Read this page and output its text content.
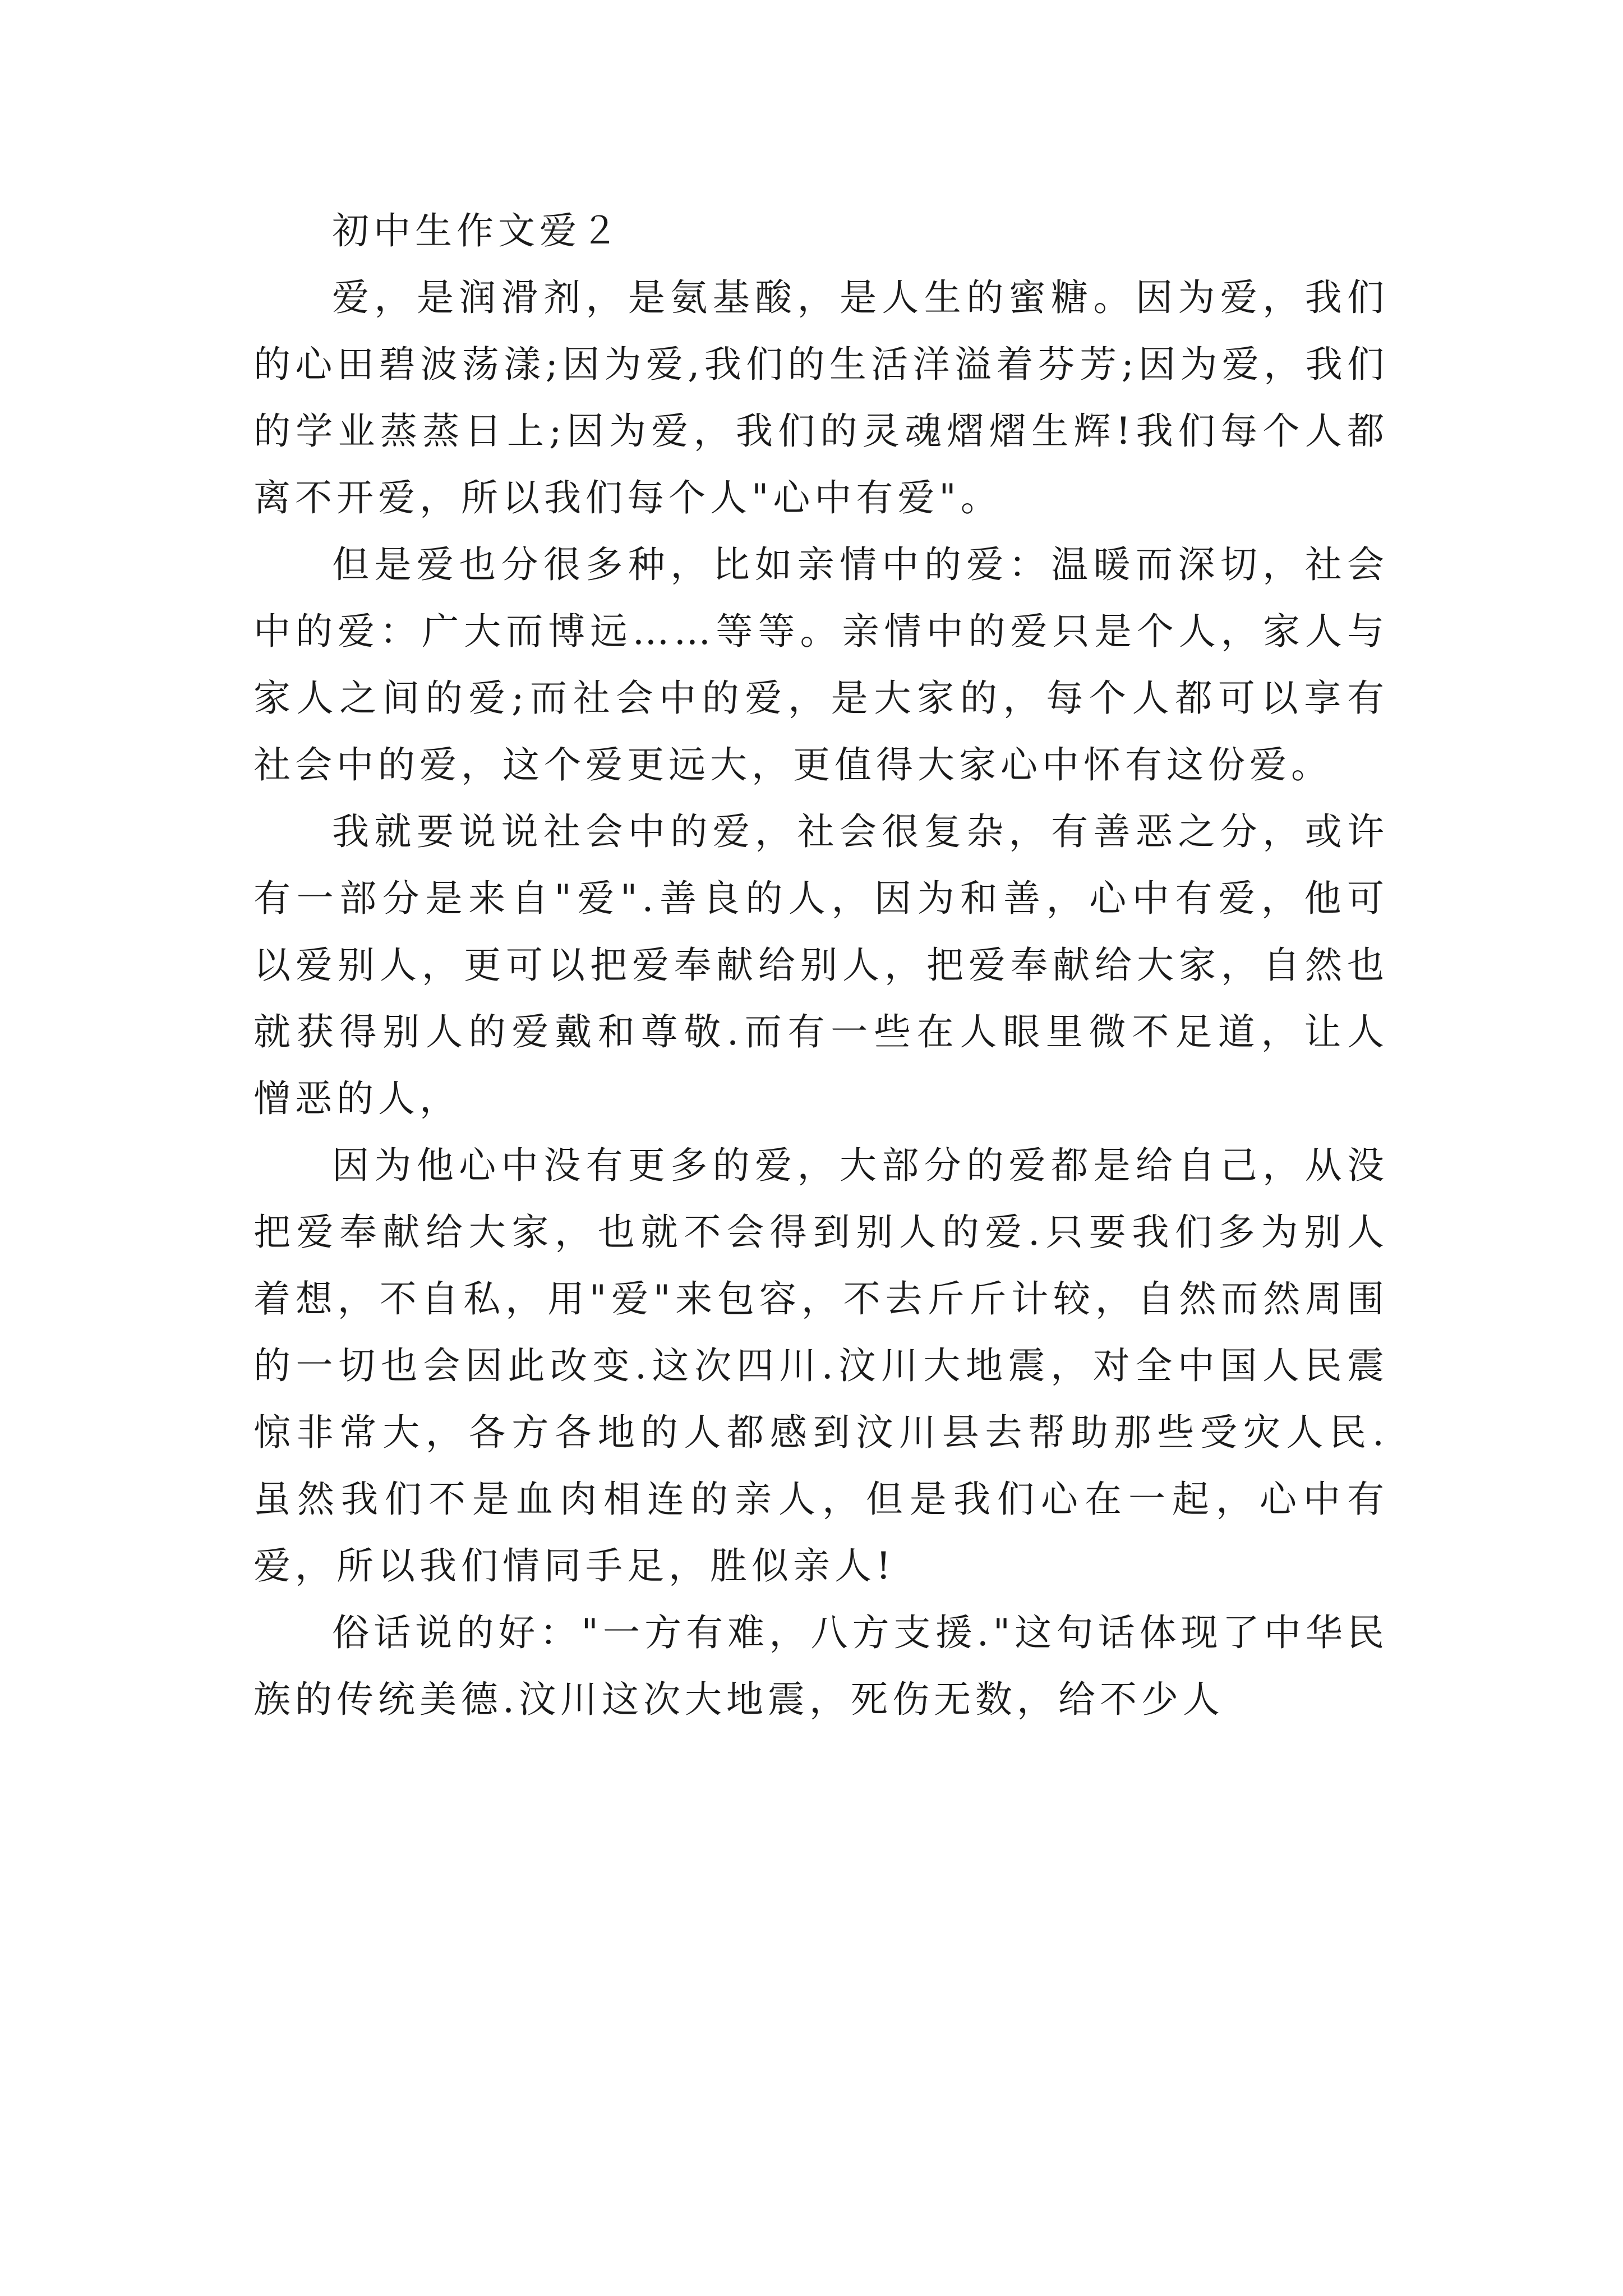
初中生作文爱２

爱，是润滑剂，是氨基酸，是人生的蜜糖。因为爱，我们的心田碧波荡漾;因为爱,我们的生活洋溢着芬芳;因为爱，我们的学业蒸蒸日上;因为爱，我们的灵魂熠熠生辉!我们每个人都离不开爱，所以我们每个人"心中有爱"。

但是爱也分很多种，比如亲情中的爱：温暖而深切，社会中的爱：广大而博远……等等。亲情中的爱只是个人，家人与家人之间的爱;而社会中的爱，是大家的，每个人都可以享有社会中的爱，这个爱更远大，更值得大家心中怀有这份爱。

我就要说说社会中的爱，社会很复杂，有善恶之分，或许有一部分是来自"爱".善良的人，因为和善，心中有爱，他可以爱别人，更可以把爱奉献给别人，把爱奉献给大家，自然也就获得别人的爱戴和尊敬.而有一些在人眼里微不足道，让人憎恶的人，

因为他心中没有更多的爱，大部分的爱都是给自己，从没把爱奉献给大家，也就不会得到别人的爱.只要我们多为别人着想，不自私，用"爱"来包容，不去斤斤计较，自然而然周围的一切也会因此改变.这次四川.汶川大地震，对全中国人民震惊非常大，各方各地的人都感到汶川县去帮助那些受灾人民.虽然我们不是血肉相连的亲人，但是我们心在一起，心中有爱，所以我们情同手足，胜似亲人!

俗话说的好："一方有难，八方支援."这句话体现了中华民族的传统美德.汶川这次大地震，死伤无数，给不少人
